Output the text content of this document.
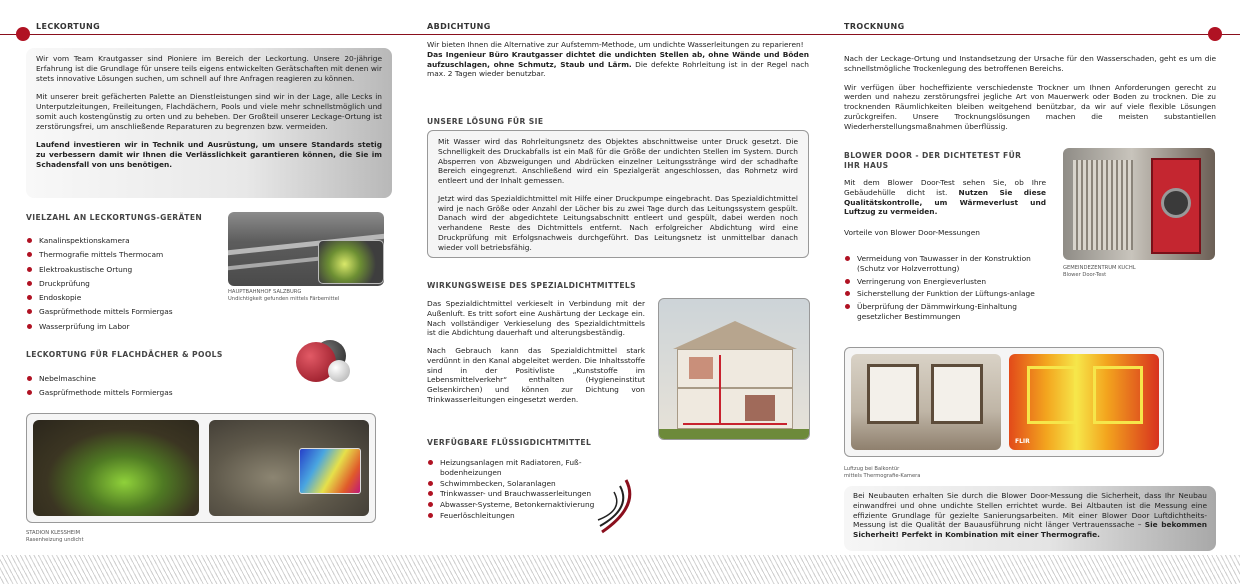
LECKORTUNG	ABDICHTUNG	TROCKNUNG

Wir vom Team Krautgasser sind Pioniere im Bereich der Leckortung. Unsere 20-jährige Erfahrung ist die Grundlage für unsere teils eigens entwickelten Gerätschaften mit denen wir stets innovative Lösungen suchen, um schnell auf Ihre Anfragen reagieren zu können.

Mit unserer breit gefächerten Palette an Dienstleistungen sind wir in der Lage, alle Lecks in Unterputzleitungen, Freileitungen, Flachdächern, Pools und viele mehr schnellstmöglich und somit auch kostengünstig zu orten und zu beheben. Der Großteil unserer Leckage-Ortung ist zerstörungsfrei, um anschließende Reparaturen zu begrenzen bzw. vermeiden.

Laufend investieren wir in Technik und Ausrüstung, um unsere Standards stetig zu verbessern damit wir Ihnen die Verlässlichkeit garantieren können, die Sie im Schadensfall von uns benötigen.

VIELZAHL AN LECKORTUNGS-GERÄTEN
Kanalinspektionskamera
Thermografie mittels Thermocam
Elektroakustische Ortung
Druckprüfung
Endoskopie
Gasprüfmethode mittels Formiergas
Wasserprüfung im Labor
HAUPTBAHNHOF SALZBURG
Undichtigkeit gefunden mittels Färbemittel
LECKORTUNG FÜR FLACHDÄCHER & POOLS
Nebelmaschine
Gasprüfmethode mittels Formiergas
STADION KLESSHEIM
Rasenheizung undicht
Wir bieten Ihnen die Alternative zur Aufstemm-Methode, um undichte Wasserleitungen zu reparieren!
Das Ingenieur Büro Krautgasser dichtet die undichten Stellen ab, ohne Wände und Böden aufzuschlagen, ohne Schmutz, Staub und Lärm. Die defekte Rohrleitung ist in der Regel nach max. 2 Tagen wieder benutzbar.
UNSERE LÖSUNG FÜR SIE

Mit Wasser wird das Rohrleitungsnetz des Objektes abschnittweise unter Druck gesetzt. Die Schnelligkeit des Druckabfalls ist ein Maß für die Größe der undichten Stellen im System. Durch Absperren von Abzweigungen und Abdrücken einzelner Leitungsstränge wird der schadhafte Bereich eingegrenzt. Anschließend wird ein Spezialgerät angeschlossen, das Rohrnetz wird entleert und der Inhalt gemessen.

Jetzt wird das Spezialdichtmittel mit Hilfe einer Druckpumpe eingebracht. Das Spezialdichtmittel wird je nach Größe oder Anzahl der Löcher bis zu zwei Tage durch das Leitungssystem gespült. Danach wird der abgedichtete Leitungsabschnitt entleert und gespült, dabei werden noch verhandene Reste des Dichtmittels entfernt. Nach erfolgreicher Abdichtung wird eine Druckprüfung mit Erfolgsnachweis durchgeführt. Das Leitungsnetz ist unmittelbar danach wieder voll betriebsfähig.

WIRKUNGSWEISE DES SPEZIALDICHTMITTELS

Das Spezialdichtmittel verkieselt in Verbindung mit der Außenluft. Es tritt sofort eine Aushärtung der Leckage ein. Nach vollständiger Verkieselung des Spezialdichtmittels ist die Abdichtung dauerhaft und alterungsbeständig.

Nach Gebrauch kann das Spezialdichtmittel stark verdünnt in den Kanal abgeleitet werden. Die Inhaltsstoffe sind in der Positivliste „Kunststoffe im Lebensmittelverkehr“ enthalten (Hygieneinstitut Gelsenkirchen) und können zur Dichtung von Trinkwasserleitungen eingesetzt werden.

VERFÜGBARE FLÜSSIGDICHTMITTEL
Heizungsanlagen mit Radiatoren, Fuß-bodenheizungen
Schwimmbecken, Solaranlagen
Trinkwasser- und Brauchwasserleitungen
Abwasser-Systeme, Betonkernaktivierung
Feuerlöschleitungen

Nach der Leckage-Ortung und Instandsetzung der Ursache für den Wasserschaden, geht es um die schnellstmögliche Trockenlegung des betroffenen Bereichs.

Wir verfügen über hocheffiziente verschiedenste Trockner um Ihnen Anforderungen gerecht zu werden und nahezu zerstörungsfrei jegliche Art von Mauerwerk oder Boden zu trocknen. Die zu trocknenden Räumlichkeiten bleiben weitgehend benützbar, da wir auf viele flexible Lösungen zurückgreifen. Unsere Trocknungslösungen machen die meisten substantiellen Wiederherstellungsmaßnahmen überflüssig.

BLOWER DOOR - DER DICHTETEST FÜR IHR HAUS
Mit dem Blower Door-Test sehen Sie, ob Ihre Gebäudehülle dicht ist. Nutzen Sie diese Qualitätskontrolle, um Wärmeverlust und Luftzug zu vermeiden.
Vorteile von Blower Door-Messungen
Vermeidung von Tauwasser in der Konstruktion (Schutz vor Holzverrottung)
Verringerung von Energieverlusten
Sicherstellung der Funktion der Lüftungs-anlage
Überprüfung der Dämmwirkung-Einhaltung gesetzlicher Bestimmungen
GEMEINDEZENTRUM KUCHL
Blower Door-Test
FLIR
Luftzug bei Balkontür
mittels Thermografie-Kamera

Bei Neubauten erhalten Sie durch die Blower Door-Messung die Sicherheit, dass Ihr Neubau einwandfrei und ohne undichte Stellen errichtet wurde. Bei Altbauten ist die Messung eine effiziente Grundlage für gezielte Sanierungsarbeiten. Mit einer Blower Door Luftdichtheits-Messung ist die Qualität der Bauausführung nicht länger Vertrauenssache – Sie bekommen Sicherheit! Perfekt in Kombination mit einer Thermografie.
